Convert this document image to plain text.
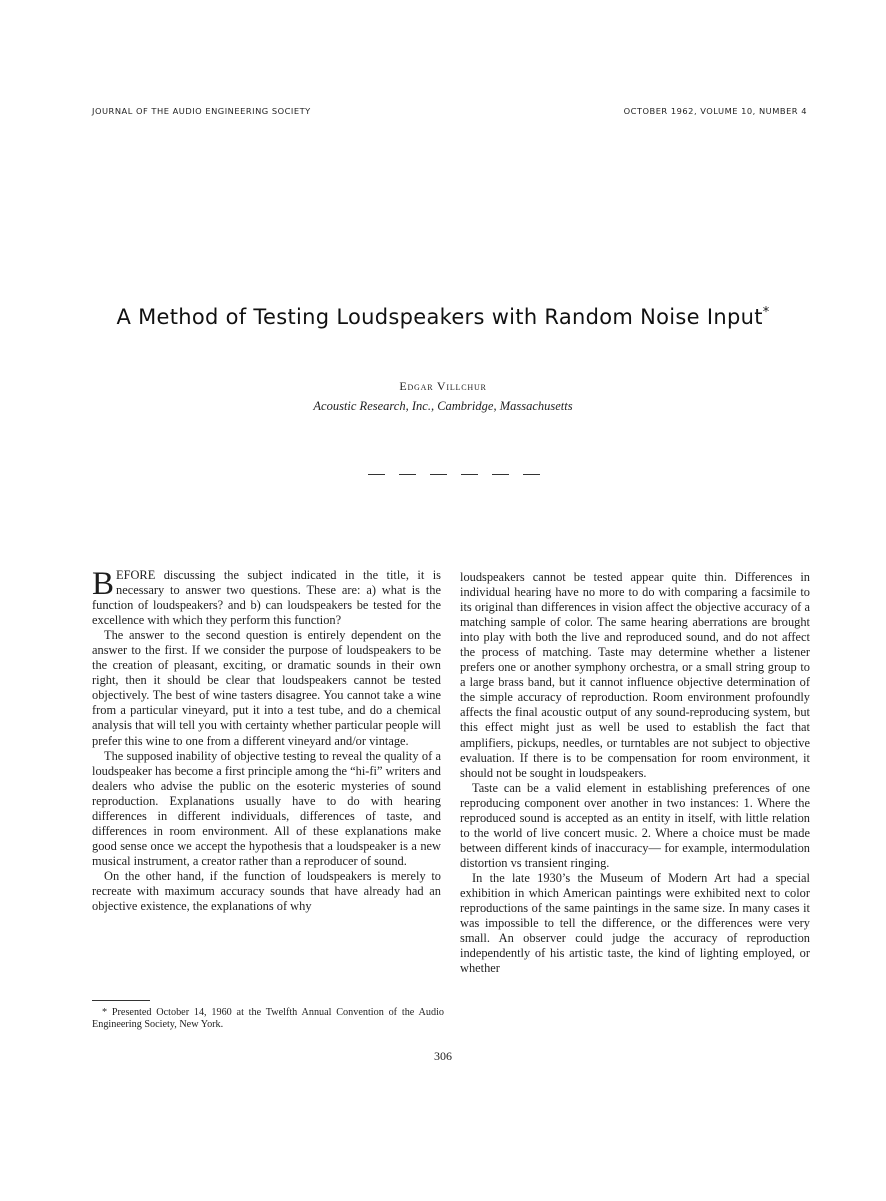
JOURNAL OF THE AUDIO ENGINEERING SOCIETY	OCTOBER 1962, VOLUME 10, NUMBER 4
A Method of Testing Loudspeakers with Random Noise Input*
Edgar Villchur
Acoustic Research, Inc., Cambridge, Massachusetts

BEFORE discussing the subject indicated in the title, it is necessary to answer two questions. These are: a) what is the function of loudspeakers? and b) can loudspeakers be tested for the excellence with which they perform this function?

The answer to the second question is entirely dependent on the answer to the first. If we consider the purpose of loudspeakers to be the creation of pleasant, exciting, or dramatic sounds in their own right, then it should be clear that loudspeakers cannot be tested objectively. The best of wine tasters disagree. You cannot take a wine from a particular vineyard, put it into a test tube, and do a chemical analysis that will tell you with certainty whether particular people will prefer this wine to one from a different vineyard and/or vintage.

The supposed inability of objective testing to reveal the quality of a loudspeaker has become a first principle among the “hi-fi” writers and dealers who advise the public on the esoteric mysteries of sound reproduction. Explanations usually have to do with hearing differences in different individuals, differences of taste, and differences in room environment. All of these explanations make good sense once we accept the hypothesis that a loudspeaker is a new musical instrument, a creator rather than a reproducer of sound.

On the other hand, if the function of loudspeakers is merely to recreate with maximum accuracy sounds that have already had an objective existence, the explanations of why

loudspeakers cannot be tested appear quite thin. Differences in individual hearing have no more to do with comparing a facsimile to its original than differences in vision affect the objective accuracy of a matching sample of color. The same hearing aberrations are brought into play with both the live and reproduced sound, and do not affect the process of matching. Taste may determine whether a listener prefers one or another symphony orchestra, or a small string group to a large brass band, but it cannot influence objective determination of the simple accuracy of reproduction. Room environment profoundly affects the final acoustic output of any sound-reproducing system, but this effect might just as well be used to establish the fact that amplifiers, pickups, needles, or turntables are not subject to objective evaluation. If there is to be compensation for room environment, it should not be sought in loudspeakers.

Taste can be a valid element in establishing preferences of one reproducing component over another in two instances: 1. Where the reproduced sound is accepted as an entity in itself, with little relation to the world of live concert music. 2. Where a choice must be made between different kinds of inaccuracy— for example, intermodulation distortion vs transient ringing.

In the late 1930’s the Museum of Modern Art had a special exhibition in which American paintings were exhibited next to color reproductions of the same paintings in the same size. In many cases it was impossible to tell the difference, or the differences were very small. An observer could judge the accuracy of reproduction independently of his artistic taste, the kind of lighting employed, or whether

* Presented October 14, 1960 at the Twelfth Annual Convention of the Audio Engineering Society, New York.
306
